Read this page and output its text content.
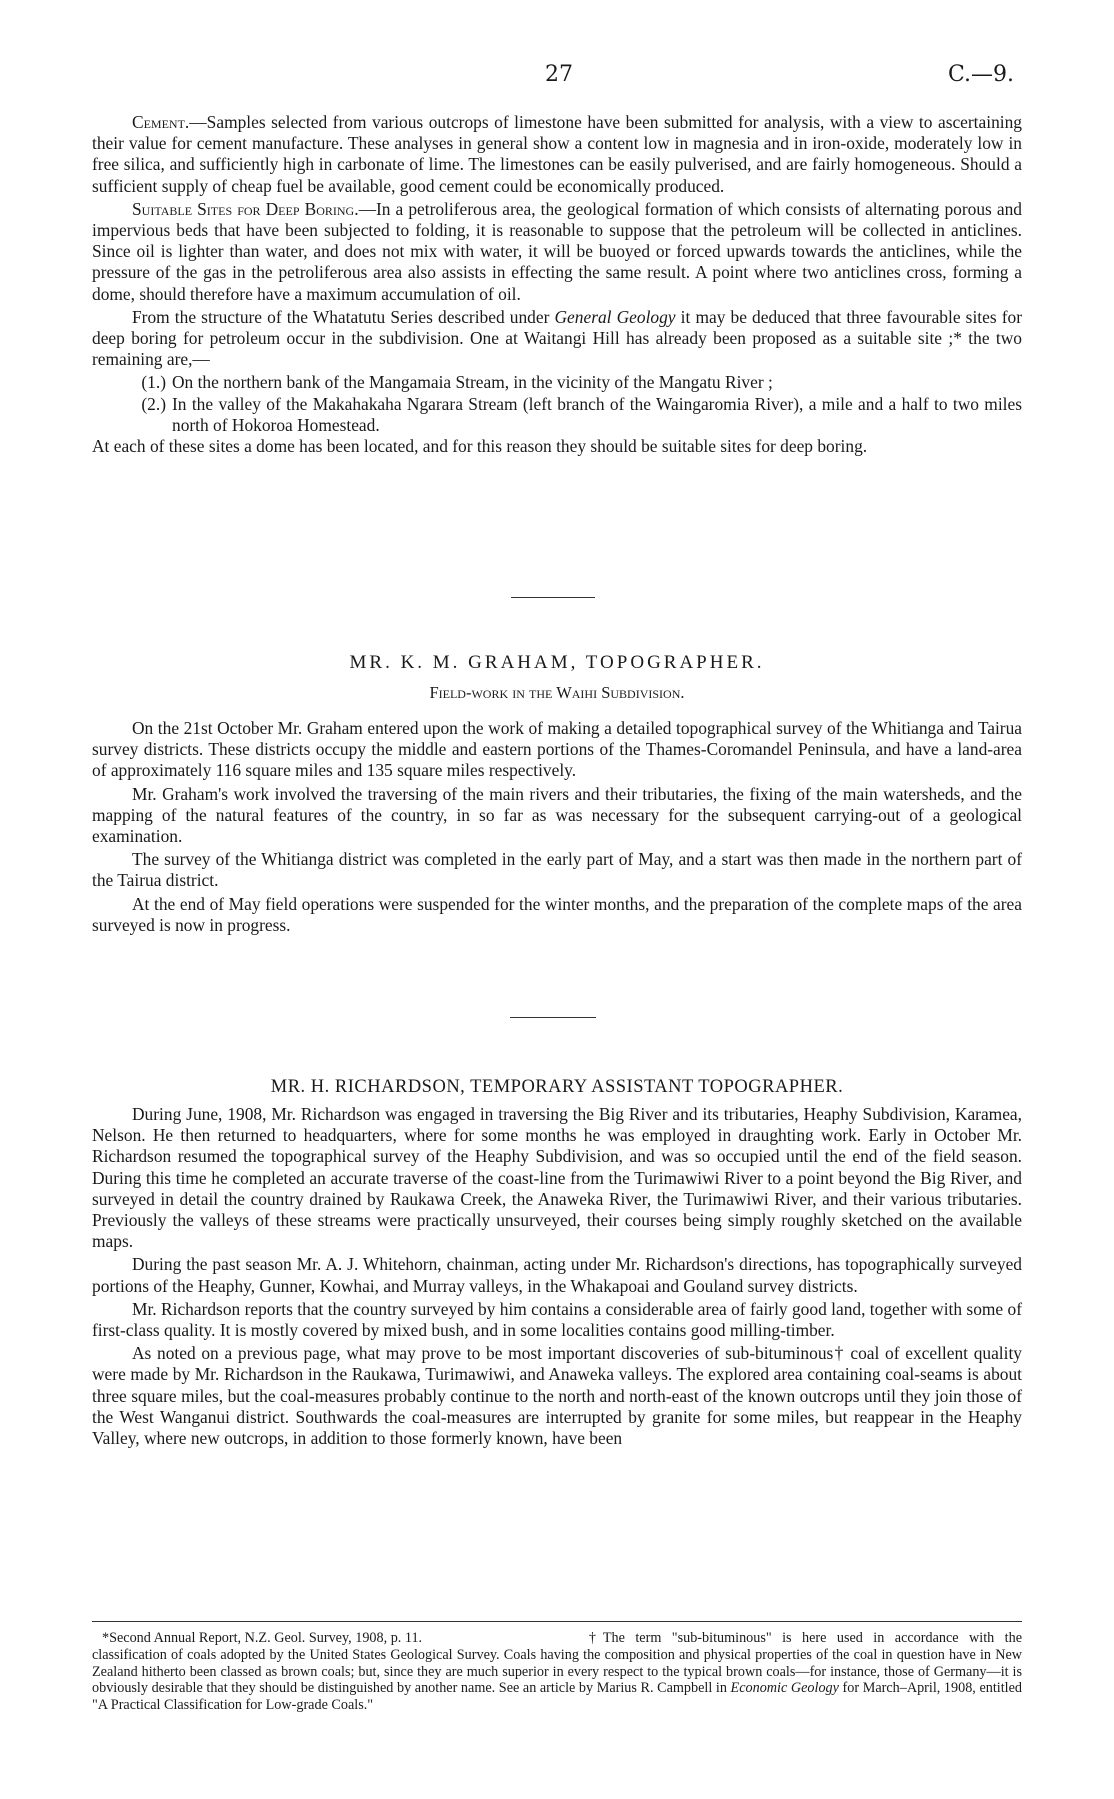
27	C.—9.

Cement.—Samples selected from various outcrops of limestone have been submitted for analysis, with a view to ascertaining their value for cement manufacture. These analyses in general show a content low in magnesia and in iron-oxide, moderately low in free silica, and sufficiently high in carbonate of lime. The limestones can be easily pulverised, and are fairly homogeneous. Should a sufficient supply of cheap fuel be available, good cement could be economically produced.

Suitable Sites for Deep Boring.—In a petroliferous area, the geological formation of which consists of alternating porous and impervious beds that have been subjected to folding, it is reasonable to suppose that the petroleum will be collected in anticlines. Since oil is lighter than water, and does not mix with water, it will be buoyed or forced upwards towards the anticlines, while the pressure of the gas in the petroliferous area also assists in effecting the same result. A point where two anticlines cross, forming a dome, should therefore have a maximum accumulation of oil.

From the structure of the Whatatutu Series described under General Geology it may be deduced that three favourable sites for deep boring for petroleum occur in the subdivision. One at Waitangi Hill has already been proposed as a suitable site ;* the two remaining are,—

(1.) On the northern bank of the Mangamaia Stream, in the vicinity of the Mangatu River ;
(2.) In the valley of the Makahakaha Ngarara Stream (left branch of the Waingaromia River), a mile and a half to two miles north of Hokoroa Homestead.

At each of these sites a dome has been located, and for this reason they should be suitable sites for deep boring.

MR. K. M. GRAHAM, TOPOGRAPHER.
Field-work in the Waihi Subdivision.

On the 21st October Mr. Graham entered upon the work of making a detailed topographical survey of the Whitianga and Tairua survey districts. These districts occupy the middle and eastern portions of the Thames-Coromandel Peninsula, and have a land-area of approximately 116 square miles and 135 square miles respectively.

Mr. Graham's work involved the traversing of the main rivers and their tributaries, the fixing of the main watersheds, and the mapping of the natural features of the country, in so far as was necessary for the subsequent carrying-out of a geological examination.

The survey of the Whitianga district was completed in the early part of May, and a start was then made in the northern part of the Tairua district.

At the end of May field operations were suspended for the winter months, and the preparation of the complete maps of the area surveyed is now in progress.

MR. H. RICHARDSON, TEMPORARY ASSISTANT TOPOGRAPHER.

During June, 1908, Mr. Richardson was engaged in traversing the Big River and its tributaries, Heaphy Subdivision, Karamea, Nelson. He then returned to headquarters, where for some months he was employed in draughting work. Early in October Mr. Richardson resumed the topographical survey of the Heaphy Subdivision, and was so occupied until the end of the field season. During this time he completed an accurate traverse of the coast-line from the Turimawiwi River to a point beyond the Big River, and surveyed in detail the country drained by Raukawa Creek, the Anaweka River, the Turimawiwi River, and their various tributaries. Previously the valleys of these streams were practically unsurveyed, their courses being simply roughly sketched on the available maps.

During the past season Mr. A. J. Whitehorn, chainman, acting under Mr. Richardson's directions, has topographically surveyed portions of the Heaphy, Gunner, Kowhai, and Murray valleys, in the Whakapoai and Gouland survey districts.

Mr. Richardson reports that the country surveyed by him contains a considerable area of fairly good land, together with some of first-class quality. It is mostly covered by mixed bush, and in some localities contains good milling-timber.

As noted on a previous page, what may prove to be most important discoveries of sub-bituminous† coal of excellent quality were made by Mr. Richardson in the Raukawa, Turimawiwi, and Anaweka valleys. The explored area containing coal-seams is about three square miles, but the coal-measures probably continue to the north and north-east of the known outcrops until they join those of the West Wanganui district. Southwards the coal-measures are interrupted by granite for some miles, but reappear in the Heaphy Valley, where new outcrops, in addition to those formerly known, have been

*Second Annual Report, N.Z. Geol. Survey, 1908, p. 11.	†The term "sub-bituminous" is here used in accordance with the classification of coals adopted by the United States Geological Survey. Coals having the composition and physical properties of the coal in question have in New Zealand hitherto been classed as brown coals; but, since they are much superior in every respect to the typical brown coals—for instance, those of Germany—it is obviously desirable that they should be distinguished by another name. See an article by Marius R. Campbell in Economic Geology for March–April, 1908, entitled "A Practical Classification for Low-grade Coals."
